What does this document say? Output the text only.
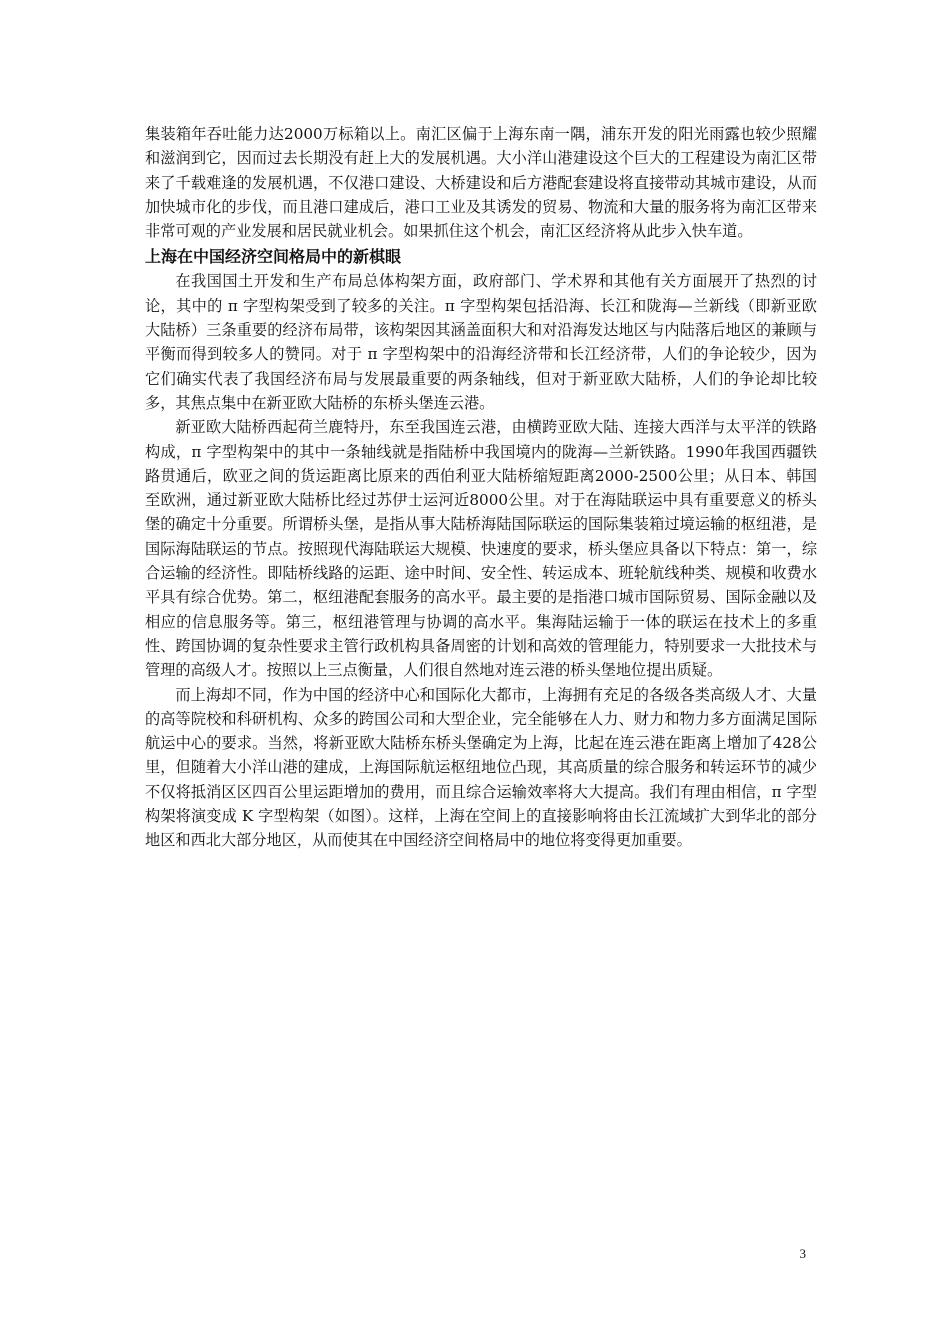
集装箱年吞吐能力达2000万标箱以上。南汇区偏于上海东南一隅，浦东开发的阳光雨露也较少照耀和滋润到它，因而过去长期没有赶上大的发展机遇。大小洋山港建设这个巨大的工程建设为南汇区带来了千载难逢的发展机遇，不仅港口建设、大桥建设和后方港配套建设将直接带动其城市建设，从而加快城市化的步伐，而且港口建成后，港口工业及其诱发的贸易、物流和大量的服务将为南汇区带来非常可观的产业发展和居民就业机会。如果抓住这个机会，南汇区经济将从此步入快车道。

上海在中国经济空间格局中的新棋眼

在我国国土开发和生产布局总体构架方面，政府部门、学术界和其他有关方面展开了热烈的讨论，其中的 π 字型构架受到了较多的关注。π 字型构架包括沿海、长江和陇海—兰新线（即新亚欧大陆桥）三条重要的经济布局带，该构架因其涵盖面积大和对沿海发达地区与内陆落后地区的兼顾与平衡而得到较多人的赞同。对于 π 字型构架中的沿海经济带和长江经济带，人们的争论较少，因为它们确实代表了我国经济布局与发展最重要的两条轴线，但对于新亚欧大陆桥，人们的争论却比较多，其焦点集中在新亚欧大陆桥的东桥头堡连云港。

新亚欧大陆桥西起荷兰鹿特丹，东至我国连云港，由横跨亚欧大陆、连接大西洋与太平洋的铁路构成，π 字型构架中的其中一条轴线就是指陆桥中我国境内的陇海—兰新铁路。1990年我国西疆铁路贯通后，欧亚之间的货运距离比原来的西伯利亚大陆桥缩短距离2000-2500公里；从日本、韩国至欧洲，通过新亚欧大陆桥比经过苏伊士运河近8000公里。对于在海陆联运中具有重要意义的桥头堡的确定十分重要。所谓桥头堡，是指从事大陆桥海陆国际联运的国际集装箱过境运输的枢纽港，是国际海陆联运的节点。按照现代海陆联运大规模、快速度的要求，桥头堡应具备以下特点：第一，综合运输的经济性。即陆桥线路的运距、途中时间、安全性、转运成本、班轮航线种类、规模和收费水平具有综合优势。第二，枢纽港配套服务的高水平。最主要的是指港口城市国际贸易、国际金融以及相应的信息服务等。第三，枢纽港管理与协调的高水平。集海陆运输于一体的联运在技术上的多重性、跨国协调的复杂性要求主管行政机构具备周密的计划和高效的管理能力，特别要求一大批技术与管理的高级人才。按照以上三点衡量，人们很自然地对连云港的桥头堡地位提出质疑。

而上海却不同，作为中国的经济中心和国际化大都市，上海拥有充足的各级各类高级人才、大量的高等院校和科研机构、众多的跨国公司和大型企业，完全能够在人力、财力和物力多方面满足国际航运中心的要求。当然，将新亚欧大陆桥东桥头堡确定为上海，比起在连云港在距离上增加了428公里，但随着大小洋山港的建成，上海国际航运枢纽地位凸现，其高质量的综合服务和转运环节的减少不仅将抵消区区四百公里运距增加的费用，而且综合运输效率将大大提高。我们有理由相信，π 字型构架将演变成 K 字型构架（如图）。这样，上海在空间上的直接影响将由长江流域扩大到华北的部分地区和西北大部分地区，从而使其在中国经济空间格局中的地位将变得更加重要。

3
